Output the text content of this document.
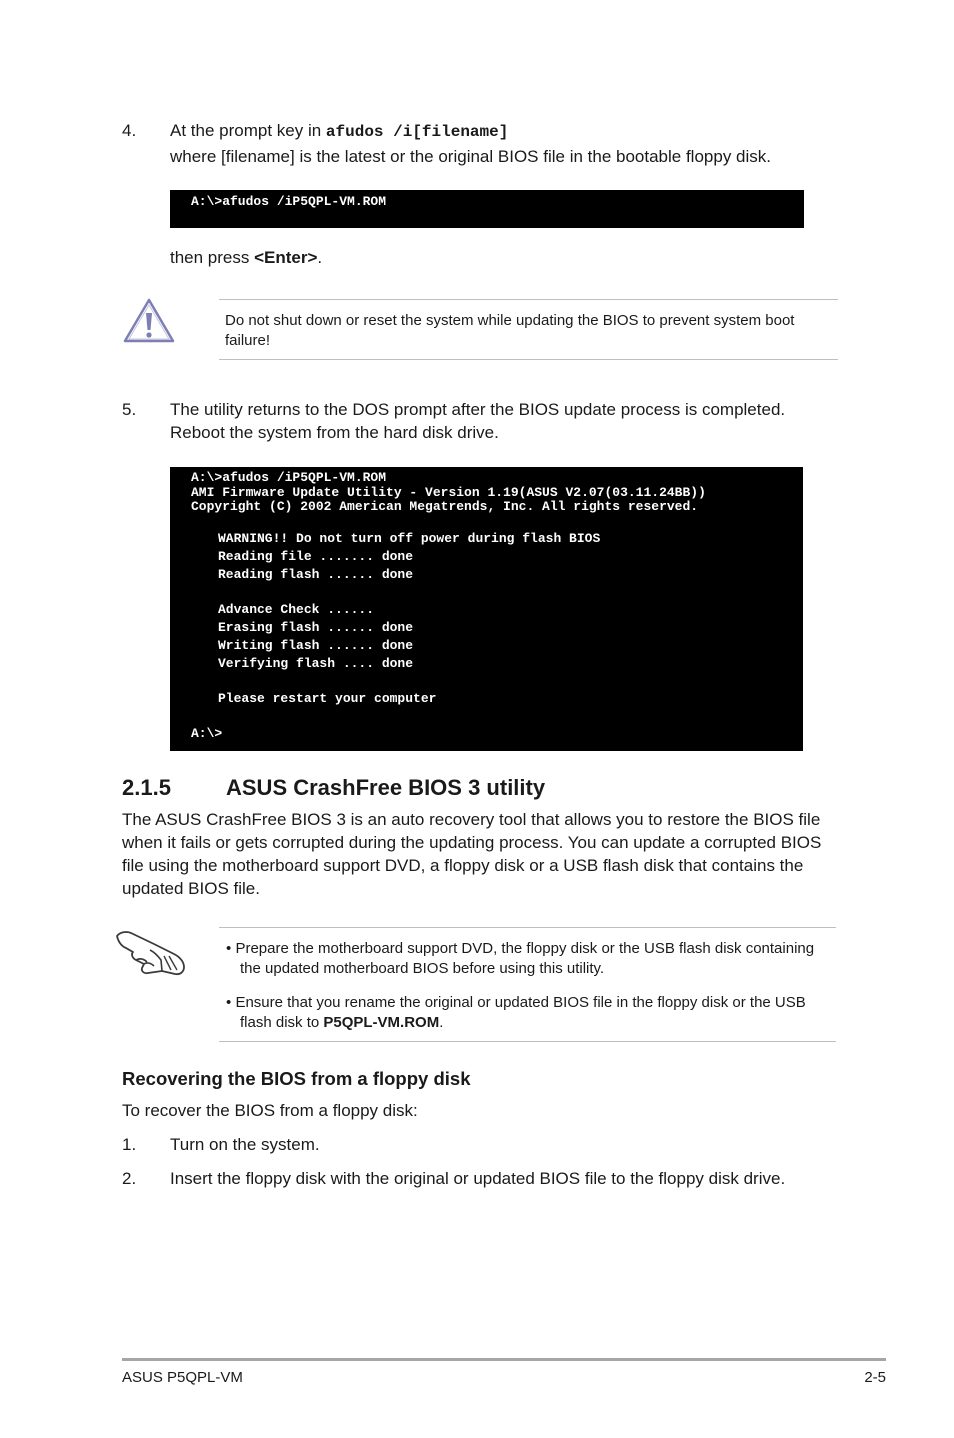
4. At the prompt key in afudos /i[filename]
where [filename] is the latest or the original BIOS file in the bootable floppy disk.
A:\>afudos /iP5QPL-VM.ROM
then press <Enter>.
Do not shut down or reset the system while updating the BIOS to prevent system boot failure!
5. The utility returns to the DOS prompt after the BIOS update process is completed.
Reboot the system from the hard disk drive.
A:\>afudos /iP5QPL-VM.ROM
AMI Firmware Update Utility - Version 1.19(ASUS V2.07(03.11.24BB))
Copyright (C) 2002 American Megatrends, Inc. All rights reserved.
WARNING!! Do not turn off power during flash BIOS
Reading file ....... done
Reading flash ...... done
Advance Check ......
Erasing flash ...... done
Writing flash ...... done
Verifying flash .... done
Please restart your computer
A:\>
2.1.5	ASUS CrashFree BIOS 3 utility
The ASUS CrashFree BIOS 3 is an auto recovery tool that allows you to restore the BIOS file
when it fails or gets corrupted during the updating process. You can update a corrupted BIOS
file using the motherboard support DVD, a floppy disk or a USB flash disk that contains the
updated BIOS file.
• Prepare the motherboard support DVD, the floppy disk or the USB flash disk containing
the updated motherboard BIOS before using this utility.
• Ensure that you rename the original or updated BIOS file in the floppy disk or the USB
flash disk to P5QPL-VM.ROM.
Recovering the BIOS from a floppy disk
To recover the BIOS from a floppy disk:
1. Turn on the system.
2. Insert the floppy disk with the original or updated BIOS file to the floppy disk drive.
ASUS P5QPL-VM	2-5
